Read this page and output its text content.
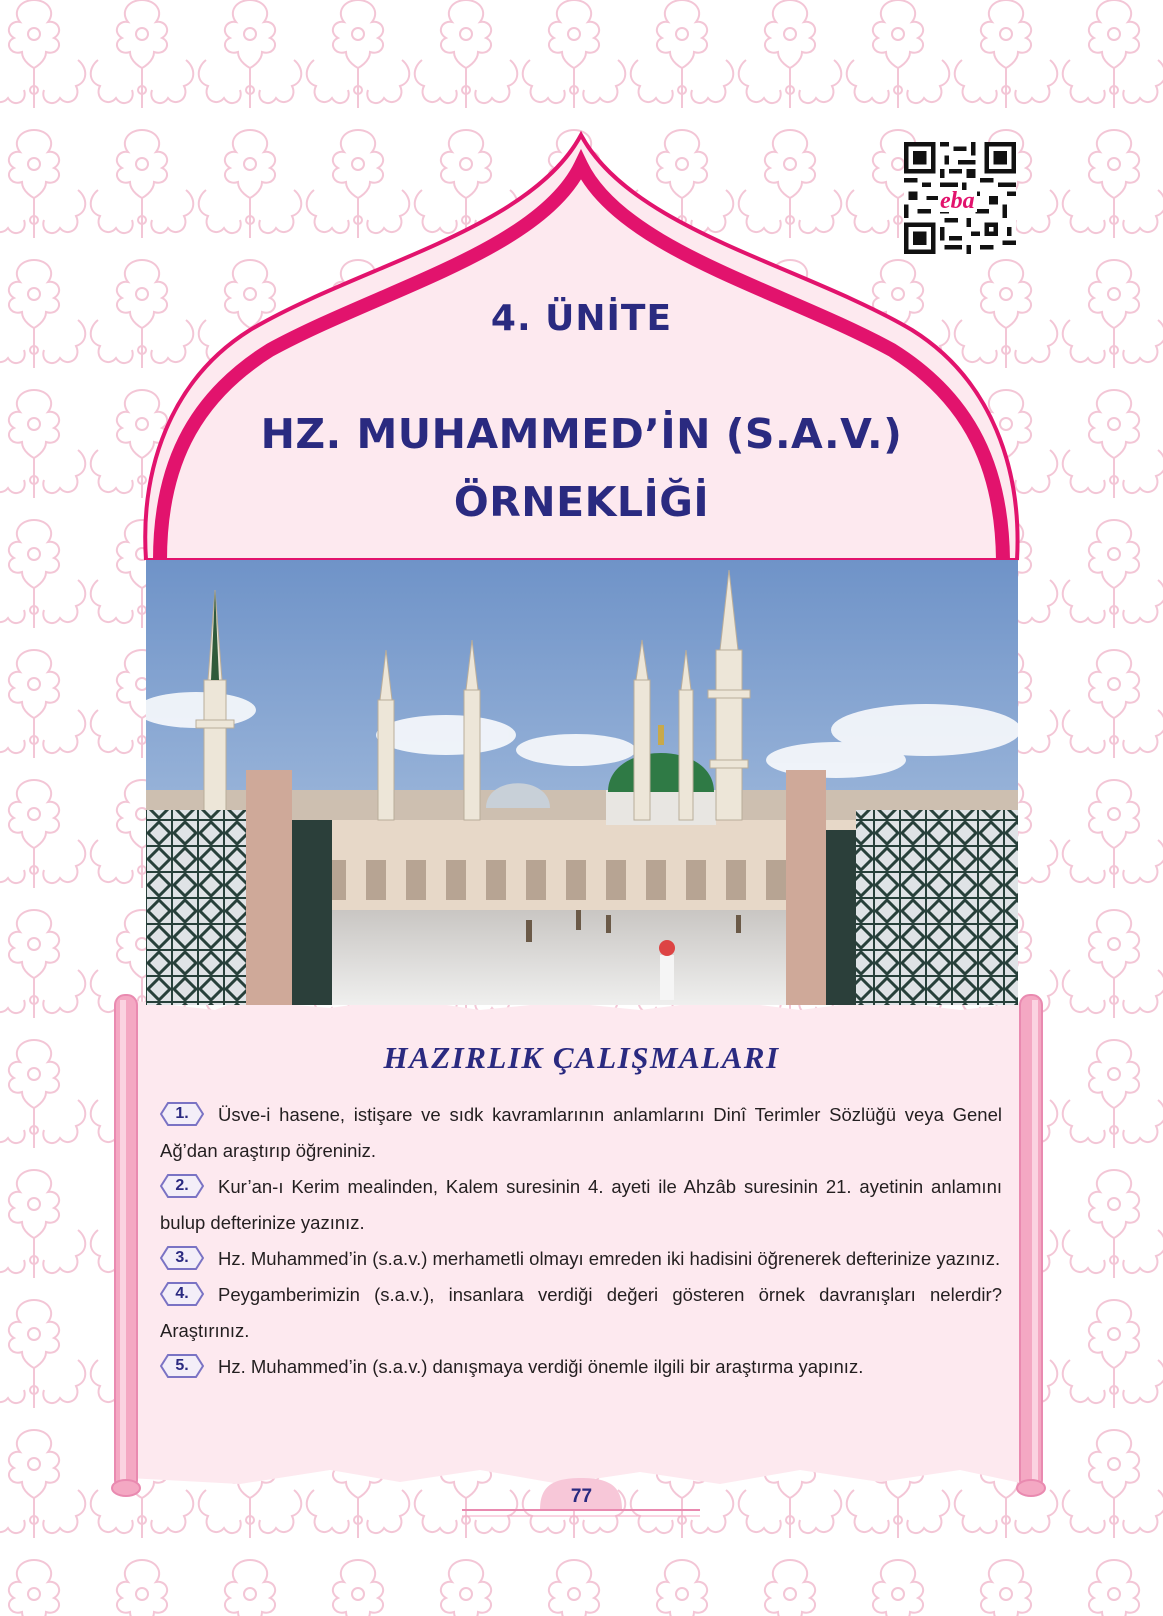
eba
4. ÜNİTE
HZ. MUHAMMED’İN (S.A.V.)
ÖRNEKLİĞİ
HAZIRLIK ÇALIŞMALARI
1.	Üsve-i hasene, istişare ve sıdk kavramlarının anlamlarını Dinî Terimler Sözlüğü veya Genel Ağ’dan araştırıp öğreniniz.
2.	Kur’an-ı Kerim mealinden, Kalem suresinin 4. ayeti ile Ahzâb suresinin 21. ayetinin anlamını bulup defterinize yazınız.
3.	Hz. Muhammed’in (s.a.v.) merhametli olmayı emreden iki hadisini öğrenerek defterinize yazınız.
4.	Peygamberimizin (s.a.v.), insanlara verdiği değeri gösteren örnek davranışları nelerdir? Araştırınız.
5.	Hz. Muhammed’in (s.a.v.) danışmaya verdiği önemle ilgili bir araştırma yapınız.
77
